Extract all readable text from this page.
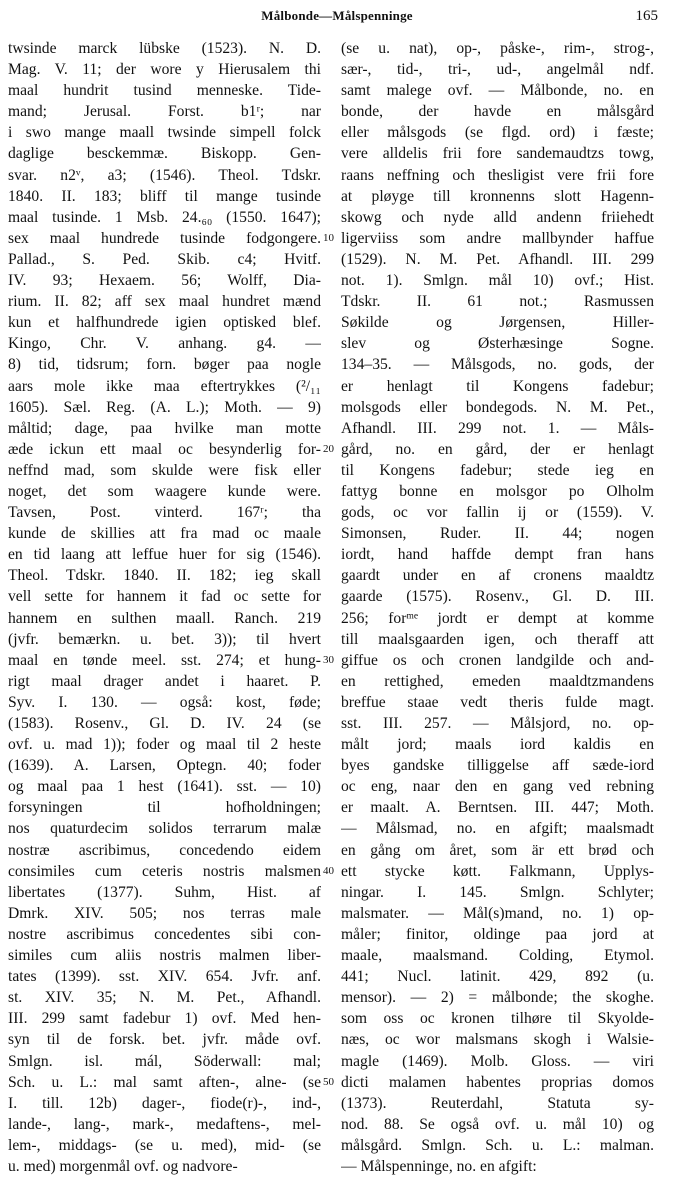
Målbonde—Målspenninge	165
twsinde marck lübske (1523). N. D.
Mag. V. 11; der wore y Hierusalem thi
maal hundrit tusind menneske. Tide-
mand; Jerusal. Forst. b1ʳ; nar
i swo mange maall twsinde simpell folck
daglige besckemmæ. Biskopp. Gen-
svar. n2ᵛ, a3; (1546). Theol. Tdskr.
1840. II. 183; bliff til mange tusinde
maal tusinde. 1 Msb. 24.₆₀ (1550. 1647);
sex maal hundrede tusinde fodgongere.
Pallad., S. Ped. Skib. c4; Hvitf.
IV. 93; Hexaem. 56; Wolff, Dia-
rium. II. 82; aff sex maal hundret mænd
kun et halfhundrede igien optisked blef.
Kingo, Chr. V. anhang. g4. —
8) tid, tidsrum; forn. bøger paa nogle
aars mole ikke maa eftertrykkes (²/₁₁
1605). Sæl. Reg. (A. L.); Moth. — 9)
måltid; dage, paa hvilke man motte
æde ickun ett maal oc besynderlig for-
neffnd mad, som skulde were fisk eller
noget, det som waagere kunde were.
Tavsen, Post. vinterd. 167ʳ; tha
kunde de skillies att fra mad oc maale
en tid laang att leffue huer for sig (1546).
Theol. Tdskr. 1840. II. 182; ieg skall
vell sette for hannem it fad oc sette for
hannem en sulthen maall. Ranch. 219
(jvfr. bemærkn. u. bet. 3)); til hvert
maal en tønde meel. sst. 274; et hung-
rigt maal drager andet i haaret. P.
Syv. I. 130. — også: kost, føde;
(1583). Rosenv., Gl. D. IV. 24 (se
ovf. u. mad 1)); foder og maal til 2 heste
(1639). A. Larsen, Optegn. 40; foder
og maal paa 1 hest (1641). sst. — 10)
forsyningen til hofholdningen;
nos quaturdecim solidos terrarum malæ
nostræ ascribimus, concedendo eidem
consimiles cum ceteris nostris malsmen
libertates (1377). Suhm, Hist. af
Dmrk. XIV. 505; nos terras male
nostre ascribimus concedentes sibi con-
similes cum aliis nostris malmen liber-
tates (1399). sst. XIV. 654. Jvfr. anf.
st. XIV. 35; N. M. Pet., Afhandl.
III. 299 samt fadebur 1) ovf. Med hen-
syn til de forsk. bet. jvfr. måde ovf.
Smlgn. isl. mál, Söderwall: mal;
Sch. u. L.: mal samt aften-, alne- (se
I. till. 12b) dager-, fiode(r)-, ind-,
lande-, lang-, mark-, medaftens-, mel-
lem-, middags- (se u. med), mid- (se
u. med) morgenmål ovf. og nadvore-
10
20
30
40
50
(se u. nat), op-, påske-, rim-, strog-,
sær-, tid-, tri-, ud-, angelmål ndf.
samt malege ovf. — Målbonde, no. en
bonde, der havde en målsgård
eller målsgods (se flgd. ord) i fæste;
vere alldelis frii fore sandemaudtzs towg,
raans neffning och thesligist vere frii fore
at pløyge till kronnenns slott Hagenn-
skowg och nyde alld andenn friiehedt
ligerviiss som andre mallbynder haffue
(1529). N. M. Pet. Afhandl. III. 299
not. 1). Smlgn. mål 10) ovf.; Hist.
Tdskr. II. 61 not.; Rasmussen
Søkilde og Jørgensen, Hiller-
slev og Østerhæsinge Sogne.
134–35. — Målsgods, no. gods, der
er henlagt til Kongens fadebur;
molsgods eller bondegods. N. M. Pet.,
Afhandl. III. 299 not. 1. — Måls-
gård, no. en gård, der er henlagt
til Kongens fadebur; stede ieg en
fattyg bonne en molsgor po Olholm
gods, oc vor fallin ij or (1559). V.
Simonsen, Ruder. II. 44; nogen
iordt, hand haffde dempt fran hans
gaardt under en af cronens maaldtz
gaarde (1575). Rosenv., Gl. D. III.
256; forᵐᵉ jordt er dempt at komme
till maalsgaarden igen, och theraff att
giffue os och cronen landgilde och and-
en rettighed, emeden maaldtzmandens
breffue staae vedt theris fulde magt.
sst. III. 257. — Målsjord, no. op-
målt jord; maals iord kaldis en
byes gandske tilliggelse aff sæde-iord
oc eng, naar den en gang ved rebning
er maalt. A. Berntsen. III. 447; Moth.
— Målsmad, no. en afgift; maalsmadt
en gång om året, som är ett brød och
ett stycke køtt. Falkmann, Upplys-
ningar. I. 145. Smlgn. Schlyter;
malsmater. — Mål(s)mand, no. 1) op-
måler; finitor, oldinge paa jord at
maale, maalsmand. Colding, Etymol.
441; Nucl. latinit. 429, 892 (u.
mensor). — 2) = målbonde; the skoghe.
som oss oc kronen tilhøre til Skyolde-
næs, oc wor malsmans skogh i Walsie-
magle (1469). Molb. Gloss. — viri
dicti malamen habentes proprias domos
(1373). Reuterdahl, Statuta sy-
nod. 88. Se også ovf. u. mål 10) og
målsgård. Smlgn. Sch. u. L.: malman.
— Målspenninge, no. en afgift:
